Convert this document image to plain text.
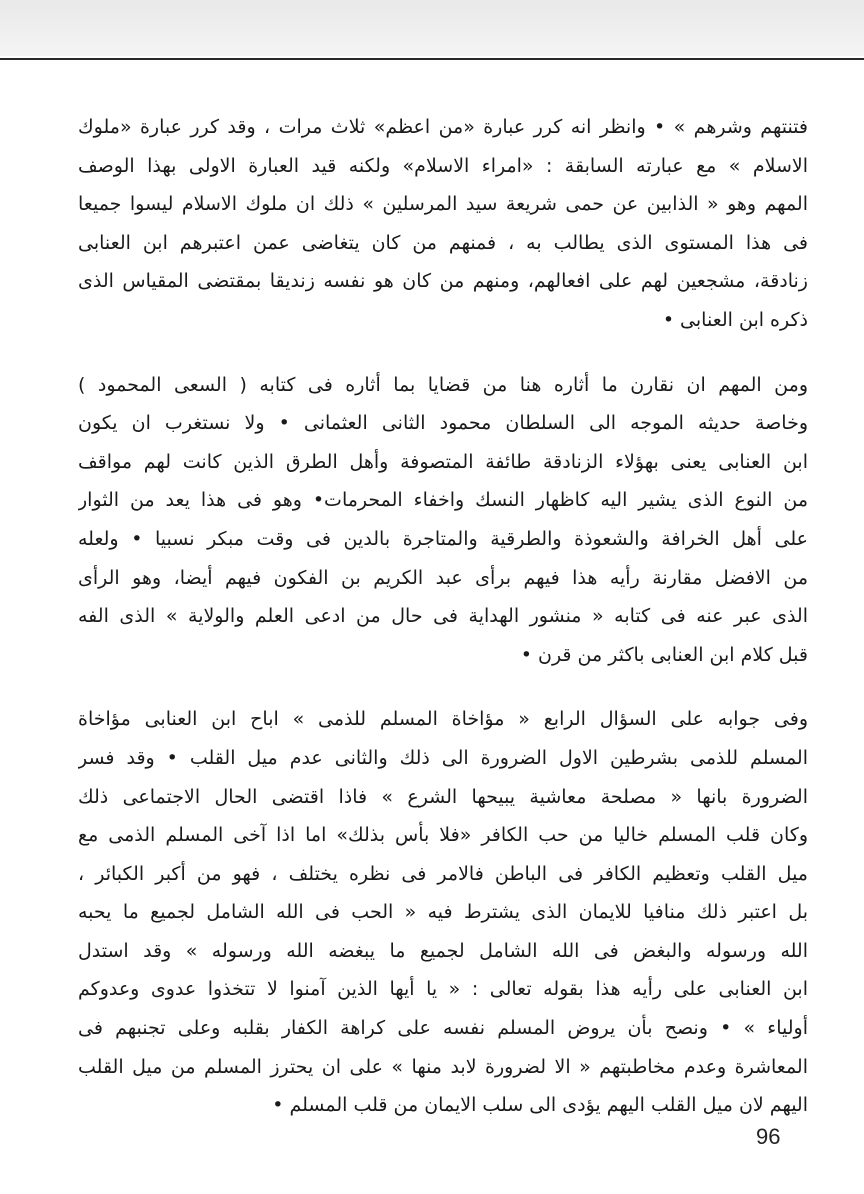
فتنتهم وشرهم » • وانظر انه كرر عبارة «من اعظم» ثلاث مرات ، وقد كرر عبارة «ملوك
الاسلام » مع عبارته السابقة : «امراء الاسلام» ولكنه قيد العبارة الاولى بهذا الوصف
المهم وهو « الذابين عن حمى شريعة سيد المرسلين » ذلك ان ملوك الاسلام ليسوا جميعا
فى هذا المستوى الذى يطالب به ، فمنهم من كان يتغاضى عمن اعتبرهم ابن العنابى
زنادقة، مشجعين لهم على افعالهم، ومنهم من كان هو نفسه زنديقا بمقتضى المقياس الذى
ذكره ابن العنابى •
ومن المهم ان نقارن ما أثاره هنا من قضايا بما أثاره فى كتابه ( السعى المحمود )
وخاصة حديثه الموجه الى السلطان محمود الثانى العثمانى • ولا نستغرب ان يكون
ابن العنابى يعنى بهؤلاء الزنادقة طائفة المتصوفة وأهل الطرق الذين كانت لهم مواقف
من النوع الذى يشير اليه كاظهار النسك واخفاء المحرمات• وهو فى هذا يعد من الثوار
على أهل الخرافة والشعوذة والطرقية والمتاجرة بالدين فى وقت مبكر نسبيا • ولعله
من الافضل مقارنة رأيه هذا فيهم برأى عبد الكريم بن الفكون فيهم أيضا، وهو الرأى
الذى عبر عنه فى كتابه « منشور الهداية فى حال من ادعى العلم والولاية » الذى الفه
قبل كلام ابن العنابى باكثر من قرن •
وفى جوابه على السؤال الرابع « مؤاخاة المسلم للذمى » اباح ابن العنابى مؤاخاة
المسلم للذمى بشرطين الاول الضرورة الى ذلك والثانى عدم ميل القلب • وقد فسر
الضرورة بانها « مصلحة معاشية يبيحها الشرع » فاذا اقتضى الحال الاجتماعى ذلك
وكان قلب المسلم خاليا من حب الكافر «فلا بأس بذلك» اما اذا آخى المسلم الذمى مع
ميل القلب وتعظيم الكافر فى الباطن فالامر فى نظره يختلف ، فهو من أكبر الكبائر ،
بل اعتبر ذلك منافيا للايمان الذى يشترط فيه « الحب فى الله الشامل لجميع ما يحبه
الله ورسوله والبغض فى الله الشامل لجميع ما يبغضه الله ورسوله » وقد استدل
ابن العنابى على رأيه هذا بقوله تعالى : « يا أيها الذين آمنوا لا تتخذوا عدوى وعدوكم
أولياء » • ونصح بأن يروض المسلم نفسه على كراهة الكفار بقلبه وعلى تجنبهم فى
المعاشرة وعدم مخاطبتهم « الا لضرورة لابد منها » على ان يحترز المسلم من ميل القلب
اليهم لان ميل القلب اليهم يؤدى الى سلب الايمان من قلب المسلم •
96
